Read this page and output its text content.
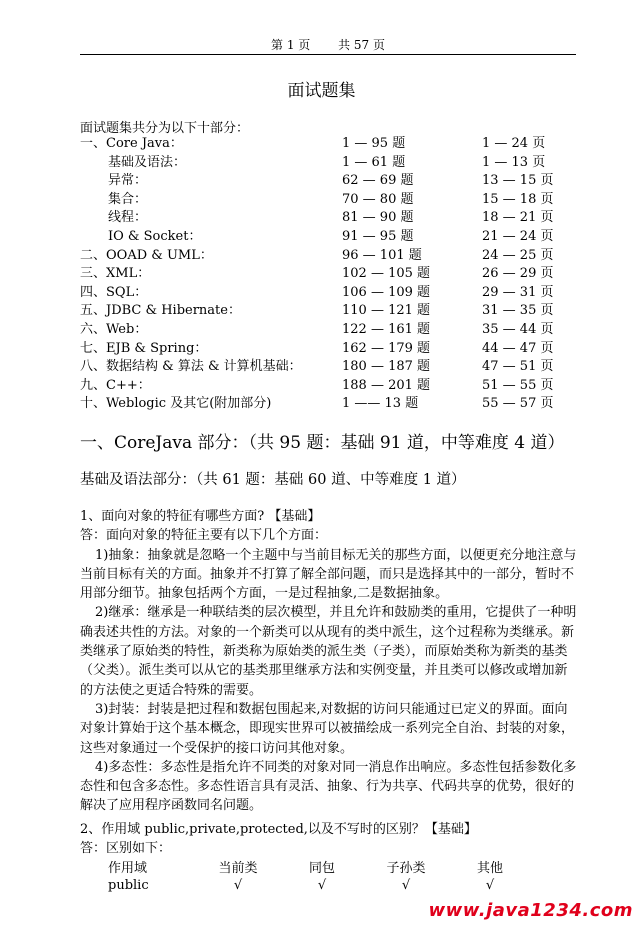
第 1 页 共 57 页
面试题集
面试题集共分为以下十部分：
一、Core Java：	1 — 95 题	1 — 24 页
基础及语法：	1 — 61 题	1 — 13 页
异常：	62 — 69 题	13 — 15 页
集合：	70 — 80 题	15 — 18 页
线程：	81 — 90 题	18 — 21 页
IO & Socket：	91 — 95 题	21 — 24 页
二、OOAD & UML：	96 — 101 题	24 — 25 页
三、XML：	102 — 105 题	26 — 29 页
四、SQL：	106 — 109 题	29 — 31 页
五、JDBC & Hibernate：	110 — 121 题	31 — 35 页
六、Web：	122 — 161 题	35 — 44 页
七、EJB & Spring：	162 — 179 题	44 — 47 页
八、数据结构 & 算法 & 计算机基础：	180 — 187 题	47 — 51 页
九、C++：	188 — 201 题	51 — 55 页
十、Weblogic 及其它(附加部分)	1 —— 13 题	55 — 57 页
一、CoreJava 部分：（共 95 题：基础 91 道，中等难度 4 道）
基础及语法部分：（共 61 题：基础 60 道、中等难度 1 道）

1、面向对象的特征有哪些方面? 【基础】

答：面向对象的特征主要有以下几个方面：

1)抽象：抽象就是忽略一个主题中与当前目标无关的那些方面，以便更充分地注意与当前目标有关的方面。抽象并不打算了解全部问题，而只是选择其中的一部分，暂时不用部分细节。抽象包括两个方面，一是过程抽象,二是数据抽象。

2)继承：继承是一种联结类的层次模型，并且允许和鼓励类的重用，它提供了一种明确表述共性的方法。对象的一个新类可以从现有的类中派生，这个过程称为类继承。新类继承了原始类的特性，新类称为原始类的派生类（子类），而原始类称为新类的基类（父类）。派生类可以从它的基类那里继承方法和实例变量，并且类可以修改或增加新的方法使之更适合特殊的需要。

3)封装：封装是把过程和数据包围起来,对数据的访问只能通过已定义的界面。面向对象计算始于这个基本概念，即现实世界可以被描绘成一系列完全自治、封装的对象，这些对象通过一个受保护的接口访问其他对象。

4)多态性：多态性是指允许不同类的对象对同一消息作出响应。多态性包括参数化多态性和包含多态性。多态性语言具有灵活、抽象、行为共享、代码共享的优势，很好的解决了应用程序函数同名问题。

2、作用域 public,private,protected,以及不写时的区别？【基础】

答：区别如下：

作用域	当前类	同包	子孙类	其他
public	√	√	√	√
www.java1234.com
